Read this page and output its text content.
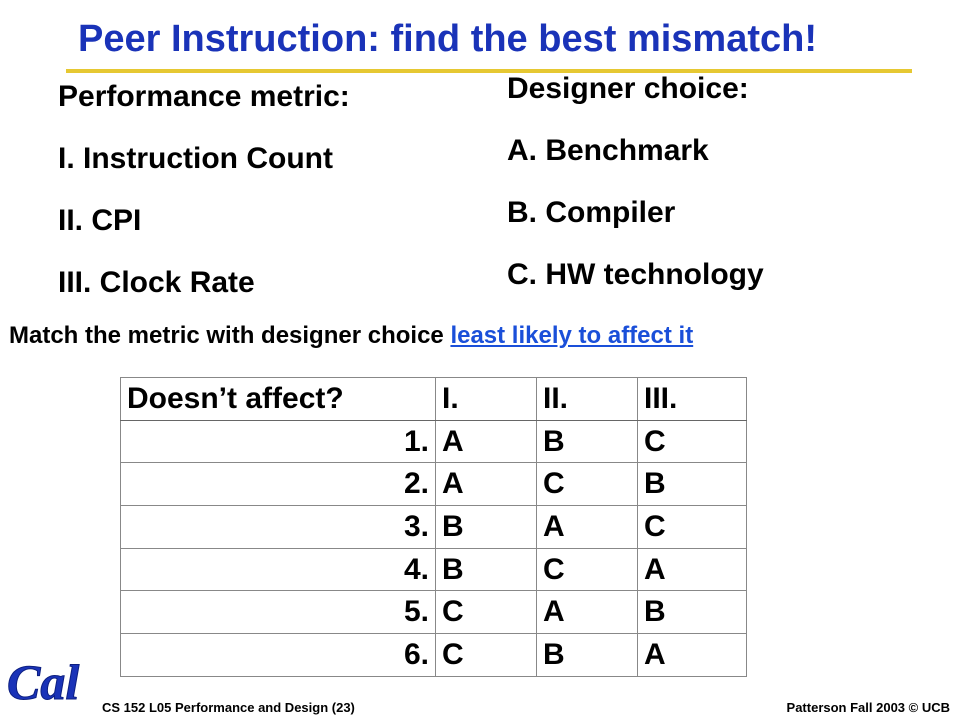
Peer Instruction: find the best mismatch!
Performance metric:
I. Instruction Count
II. CPI
III. Clock Rate
Designer choice:
A. Benchmark
B. Compiler
C. HW technology
Match the metric with designer choice least likely to affect it
Doesn’t affect?	I.	II.	III.
1.	A	B	C
2.	A	C	B
3.	B	A	C
4.	B	C	A
5.	C	A	B
6.	C	B	A
Cal CS 152 L05 Performance and Design (23)	Patterson Fall 2003 © UCB
